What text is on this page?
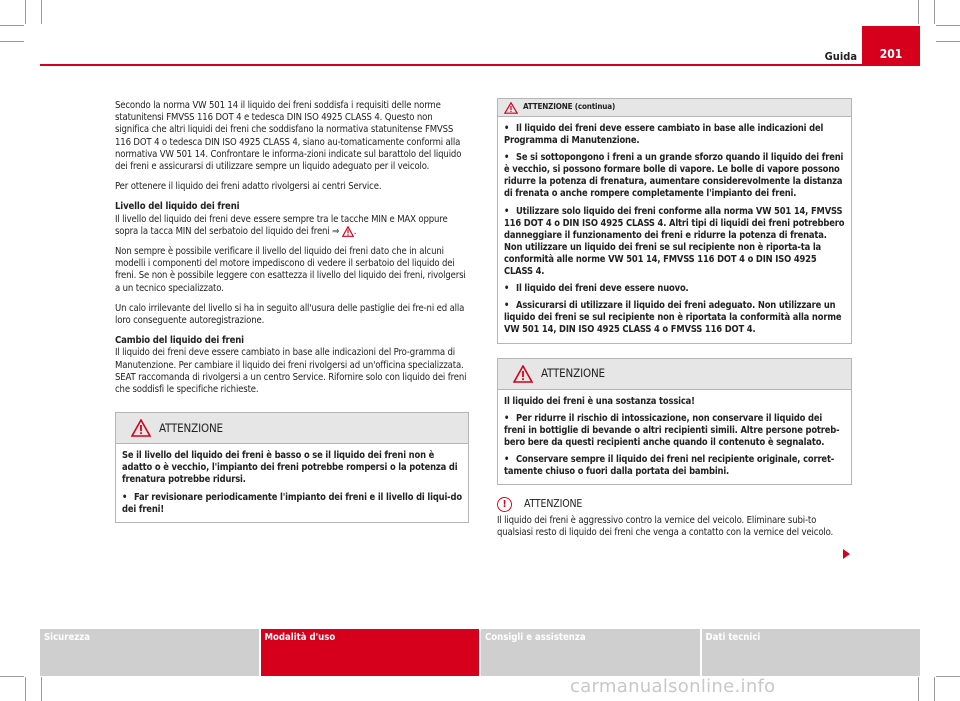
Guida 201

Secondo la norma VW 501 14 il liquido dei freni soddisfa i requisiti delle norme statunitensi FMVSS 116 DOT 4 e tedesca DIN ISO 4925 CLASS 4. Questo non significa che altri liquidi dei freni che soddisfano la normativa statunitense FMVSS 116 DOT 4 o tedesca DIN ISO 4925 CLASS 4, siano au-tomaticamente conformi alla normativa VW 501 14. Confrontare le informa-zioni indicate sul barattolo del liquido dei freni e assicurarsi di utilizzare sempre un liquido adeguato per il veicolo.

Per ottenere il liquido dei freni adatto rivolgersi ai centri Service.

Livello del liquido dei freni

Il livello del liquido dei freni deve essere sempre tra le tacche MIN e MAX oppure sopra la tacca MIN del serbatoio del liquido dei freni ⇒ .

Non sempre è possibile verificare il livello del liquido dei freni dato che in alcuni modelli i componenti del motore impediscono di vedere il serbatoio del liquido dei freni. Se non è possibile leggere con esattezza il livello del liquido dei freni, rivolgersi a un tecnico specializzato.

Un calo irrilevante del livello si ha in seguito all'usura delle pastiglie dei fre-ni ed alla loro conseguente autoregistrazione.

Cambio del liquido dei freni

Il liquido dei freni deve essere cambiato in base alle indicazioni del Pro-gramma di Manutenzione. Per cambiare il liquido dei freni rivolgersi ad un'officina specializzata. SEAT raccomanda di rivolgersi a un centro Service. Rifornire solo con liquido dei freni che soddisfi le specifiche richieste.

ATTENZIONE

Se il livello del liquido dei freni è basso o se il liquido dei freni non è adatto o è vecchio, l'impianto dei freni potrebbe rompersi o la potenza di frenatura potrebbe ridursi.

• Far revisionare periodicamente l'impianto dei freni e il livello di liqui-do dei freni!

ATTENZIONE (continua)

• Il liquido dei freni deve essere cambiato in base alle indicazioni del Programma di Manutenzione.

• Se si sottopongono i freni a un grande sforzo quando il liquido dei freni è vecchio, si possono formare bolle di vapore. Le bolle di vapore possono ridurre la potenza di frenatura, aumentare considerevolmente la distanza di frenata o anche rompere completamente l'impianto dei freni.

• Utilizzare solo liquido dei freni conforme alla norma VW 501 14, FMVSS 116 DOT 4 o DIN ISO 4925 CLASS 4. Altri tipi di liquidi dei freni potrebbero danneggiare il funzionamento dei freni e ridurre la potenza di frenata. Non utilizzare un liquido dei freni se sul recipiente non è riporta-ta la conformità alle norme VW 501 14, FMVSS 116 DOT 4 o DIN ISO 4925 CLASS 4.

• Il liquido dei freni deve essere nuovo.

• Assicurarsi di utilizzare il liquido dei freni adeguato. Non utilizzare un liquido dei freni se sul recipiente non è riportata la conformità alla norme VW 501 14, DIN ISO 4925 CLASS 4 o FMVSS 116 DOT 4.

ATTENZIONE

Il liquido dei freni è una sostanza tossica!

• Per ridurre il rischio di intossicazione, non conservare il liquido dei freni in bottiglie di bevande o altri recipienti simili. Altre persone potreb-bero bere da questi recipienti anche quando il contenuto è segnalato.

• Conservare sempre il liquido dei freni nel recipiente originale, corret-tamente chiuso o fuori dalla portata dei bambini.

!	ATTENZIONE

Il liquido dei freni è aggressivo contro la vernice del veicolo. Eliminare subi-to qualsiasi resto di liquido dei freni che venga a contatto con la vernice del veicolo.

Sicurezza	Modalità d'uso	Consigli e assistenza	Dati tecnici
carmanualsonline.info
